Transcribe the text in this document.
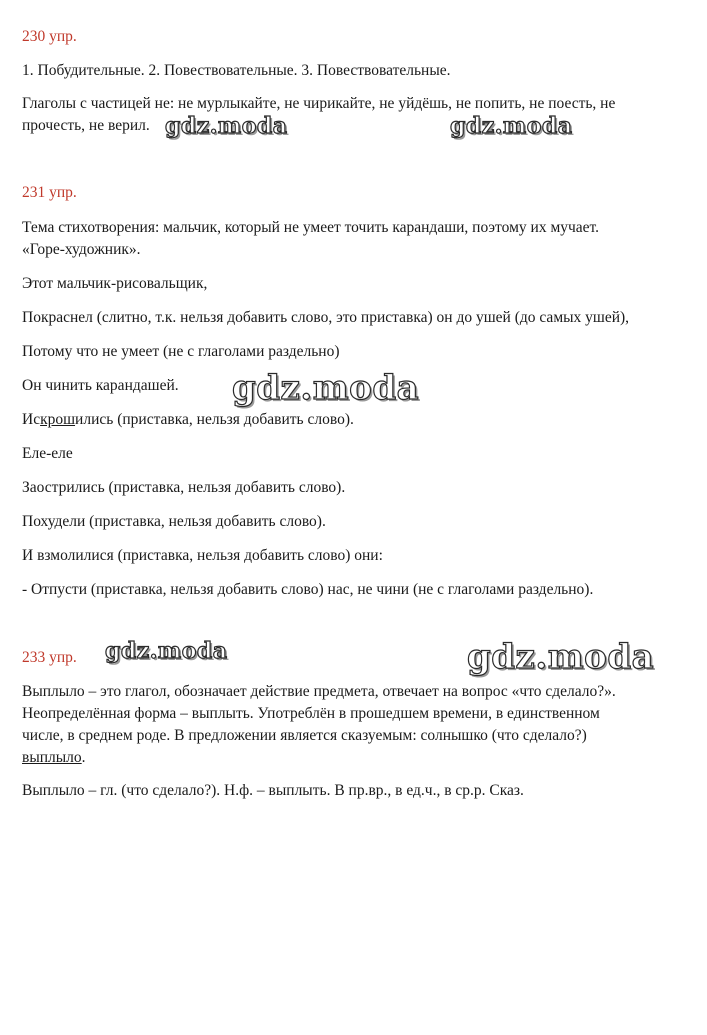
230 упр.
1. Побудительные. 2. Повествовательные. 3. Повествовательные.
Глаголы с частицей не: не мурлыкайте, не чирикайте, не уйдёшь, не попить, не поесть, не
прочесть, не верил.
231 упр.
Тема стихотворения: мальчик, который не умеет точить карандаши, поэтому их мучает.
«Горе-художник».
Этот мальчик-рисовальщик,
Покраснел (слитно, т.к. нельзя добавить слово, это приставка) он до ушей (до самых ушей),
Потому что не умеет (не с глаголами раздельно)
Он чинить карандашей.
Искрошились (приставка, нельзя добавить слово).
Еле-еле
Заострились (приставка, нельзя добавить слово).
Похудели (приставка, нельзя добавить слово).
И взмолилися (приставка, нельзя добавить слово) они:
- Отпусти (приставка, нельзя добавить слово) нас, не чини (не с глаголами раздельно).
233 упр.
Выплыло – это глагол, обозначает действие предмета, отвечает на вопрос «что сделало?».
Неопределённая форма – выплыть. Употреблён в прошедшем времени, в единственном
числе, в среднем роде. В предложении является сказуемым: солнышко (что сделало?)
выплыло.
Выплыло – гл. (что сделало?). Н.ф. – выплыть. В пр.вр., в ед.ч., в ср.р. Сказ.
gdz.moda	gdz.moda
gdz.moda
gdz.moda	gdz.moda
